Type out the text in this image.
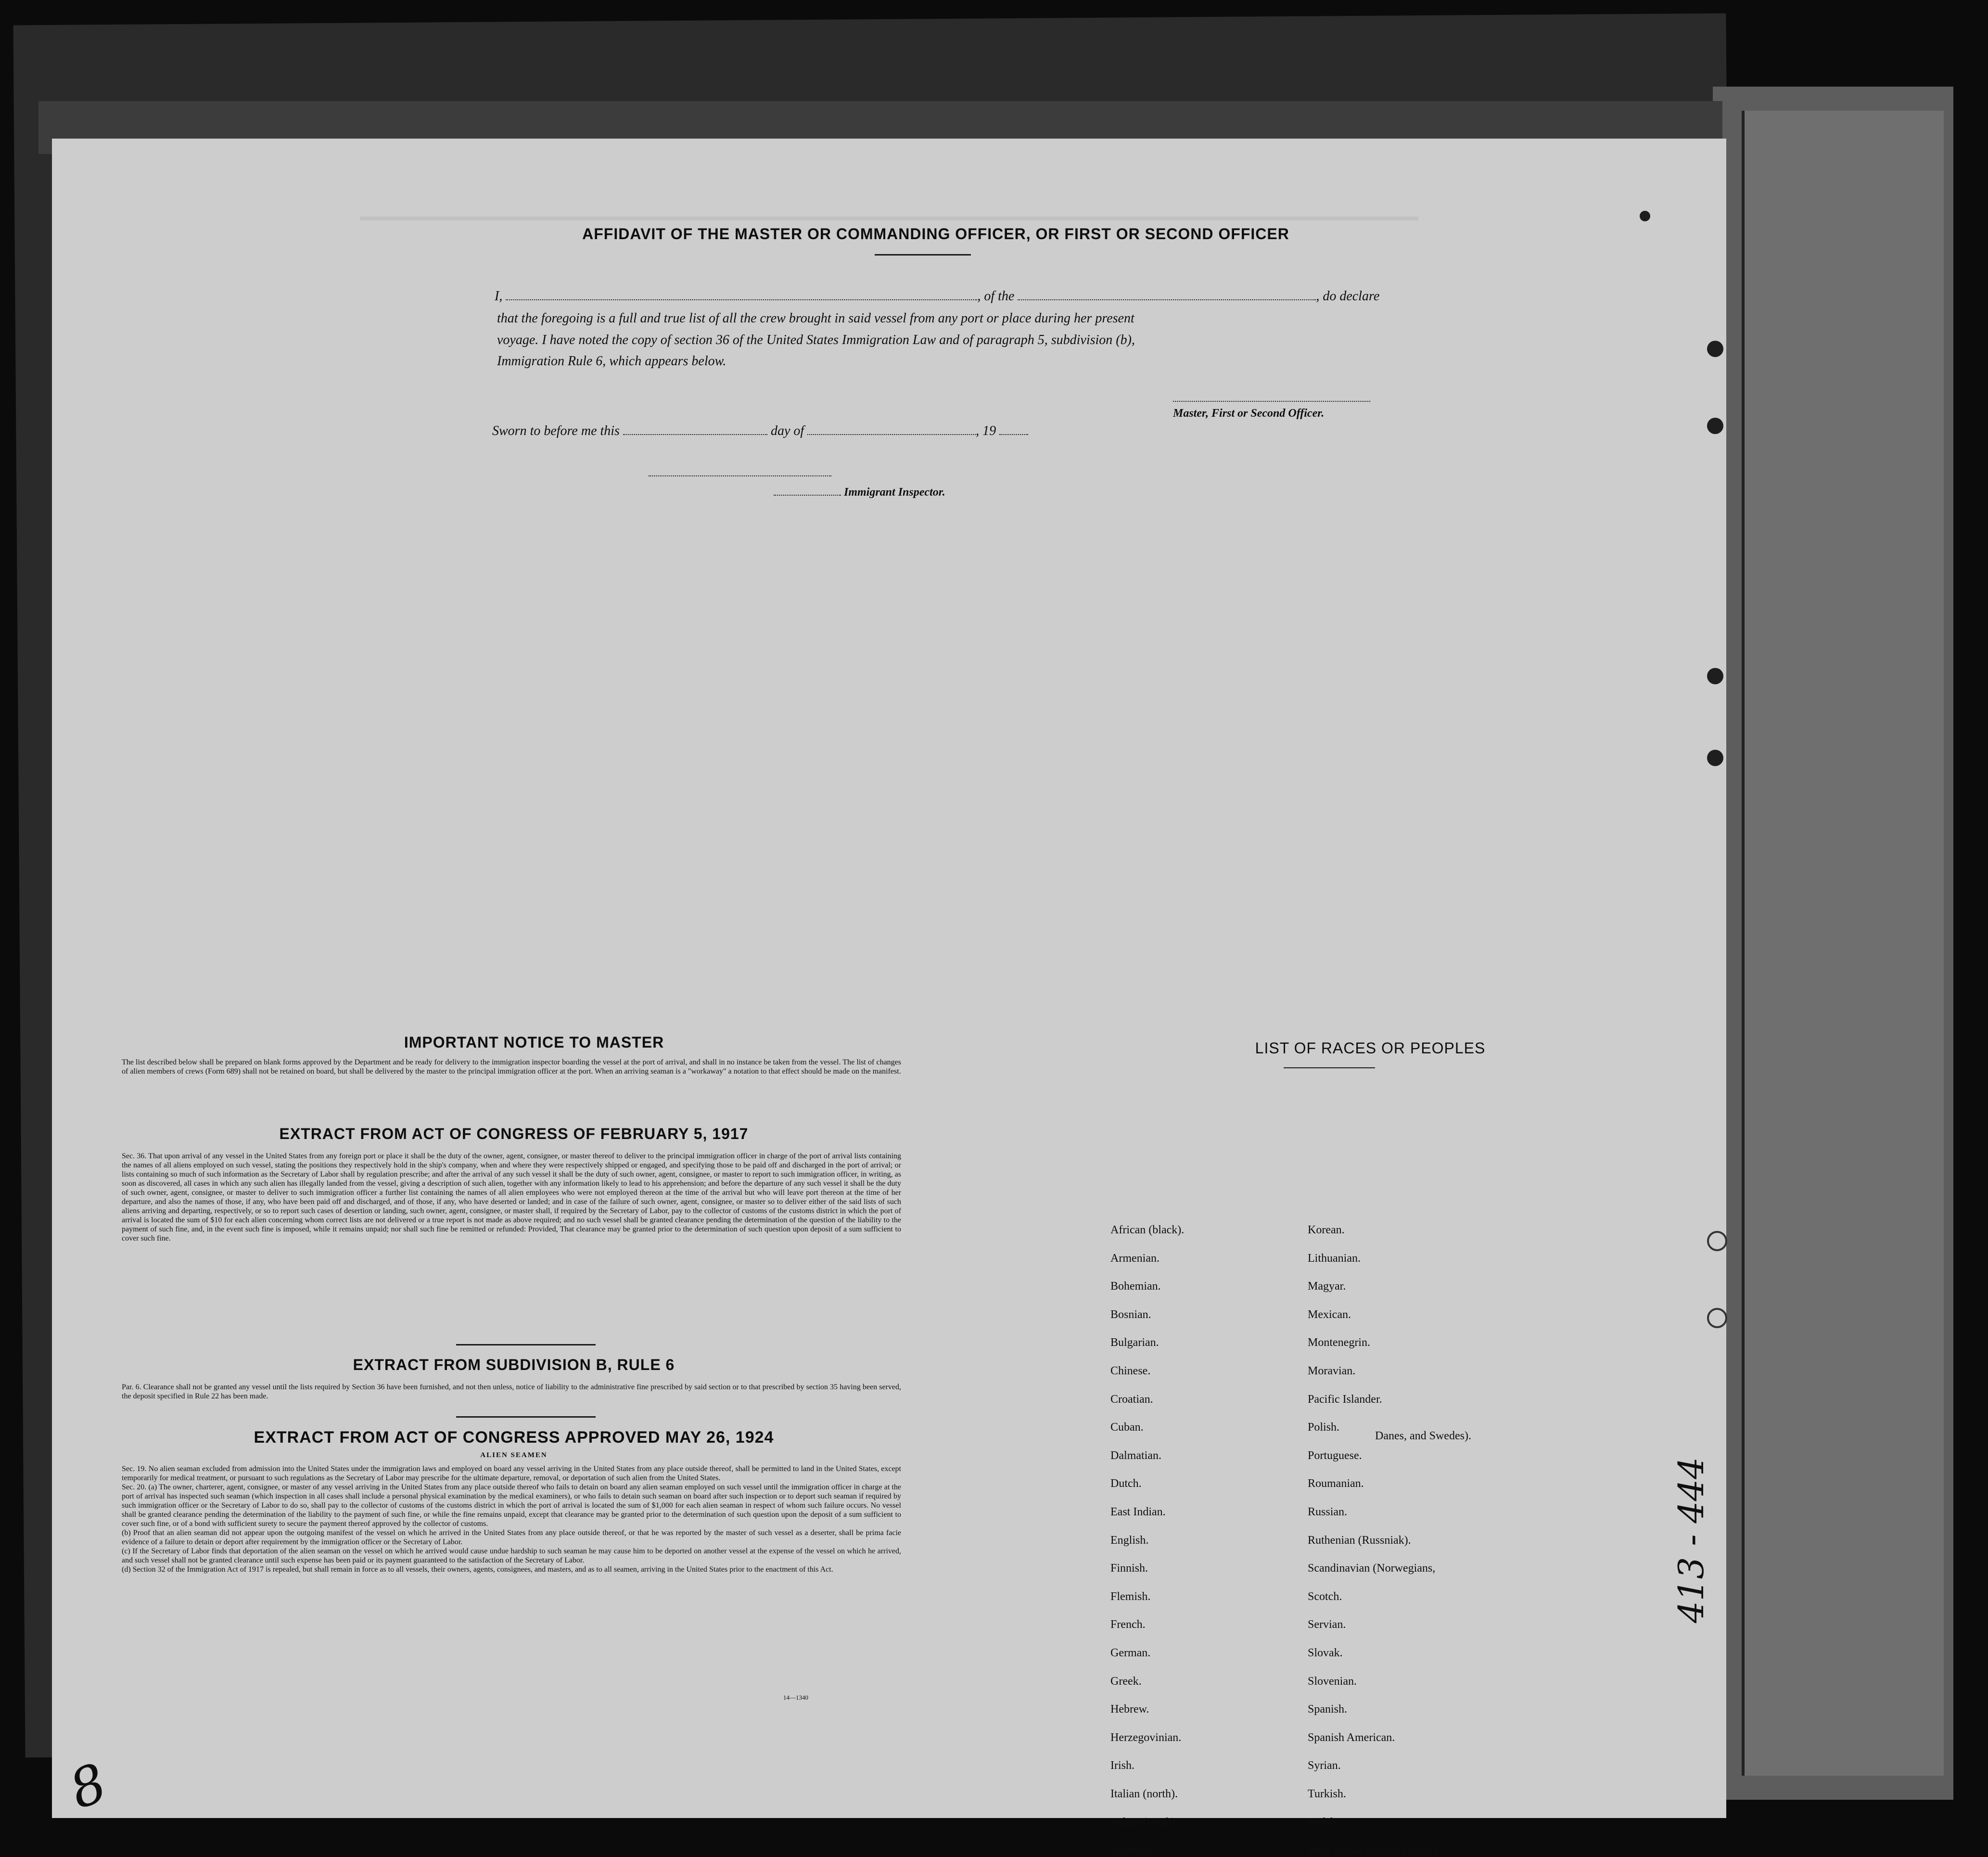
AFFIDAVIT OF THE MASTER OR COMMANDING OFFICER, OR FIRST OR SECOND OFFICER
I,	, of the	, do declare
that the foregoing is a full and true list of all the crew brought in said vessel from any port or place during her present
voyage. I have noted the copy of section 36 of the United States Immigration Law and of paragraph 5, subdivision (b),
Immigration Rule 6, which appears below.
Master, First or Second Officer.
Sworn to before me this	day of	, 19
Immigrant Inspector.
IMPORTANT NOTICE TO MASTER
The list described below shall be prepared on blank forms approved by the Department and be ready for delivery to the immigration inspector boarding the vessel at the port of arrival, and shall in no instance be taken from the vessel. The list of changes of alien members of crews (Form 689) shall not be retained on board, but shall be delivered by the master to the principal immigration officer at the port. When an arriving seaman is a "workaway" a notation to that effect should be made on the manifest.
EXTRACT FROM ACT OF CONGRESS OF FEBRUARY 5, 1917
Sec. 36. That upon arrival of any vessel in the United States from any foreign port or place it shall be the duty of the owner, agent, consignee, or master thereof to deliver to the principal immigration officer in charge of the port of arrival lists containing the names of all aliens employed on such vessel, stating the positions they respectively hold in the ship's company, when and where they were respectively shipped or engaged, and specifying those to be paid off and discharged in the port of arrival; or lists containing so much of such information as the Secretary of Labor shall by regulation prescribe; and after the arrival of any such vessel it shall be the duty of such owner, agent, consignee, or master to report to such immigration officer, in writing, as soon as discovered, all cases in which any such alien has illegally landed from the vessel, giving a description of such alien, together with any information likely to lead to his apprehension; and before the departure of any such vessel it shall be the duty of such owner, agent, consignee, or master to deliver to such immigration officer a further list containing the names of all alien employees who were not employed thereon at the time of the arrival but who will leave port thereon at the time of her departure, and also the names of those, if any, who have been paid off and discharged, and of those, if any, who have deserted or landed; and in case of the failure of such owner, agent, consignee, or master so to deliver either of the said lists of such aliens arriving and departing, respectively, or so to report such cases of desertion or landing, such owner, agent, consignee, or master shall, if required by the Secretary of Labor, pay to the collector of customs of the customs district in which the port of arrival is located the sum of $10 for each alien concerning whom correct lists are not delivered or a true report is not made as above required; and no such vessel shall be granted clearance pending the determination of the question of the liability to the payment of such fine, and, in the event such fine is imposed, while it remains unpaid; nor shall such fine be remitted or refunded: Provided, That clearance may be granted prior to the determination of such question upon deposit of a sum sufficient to cover such fine.
EXTRACT FROM SUBDIVISION B, RULE 6
Par. 6. Clearance shall not be granted any vessel until the lists required by Section 36 have been furnished, and not then unless, notice of liability to the administrative fine prescribed by said section or to that prescribed by section 35 having been served, the deposit specified in Rule 22 has been made.
EXTRACT FROM ACT OF CONGRESS APPROVED MAY 26, 1924
ALIEN SEAMEN
Sec. 19. No alien seaman excluded from admission into the United States under the immigration laws and employed on board any vessel arriving in the United States from any place outside thereof, shall be permitted to land in the United States, except temporarily for medical treatment, or pursuant to such regulations as the Secretary of Labor may prescribe for the ultimate departure, removal, or deportation of such alien from the United States.
Sec. 20. (a) The owner, charterer, agent, consignee, or master of any vessel arriving in the United States from any place outside thereof who fails to detain on board any alien seaman employed on such vessel until the immigration officer in charge at the port of arrival has inspected such seaman (which inspection in all cases shall include a personal physical examination by the medical examiners), or who fails to detain such seaman on board after such inspection or to deport such seaman if required by such immigration officer or the Secretary of Labor to do so, shall pay to the collector of customs of the customs district in which the port of arrival is located the sum of $1,000 for each alien seaman in respect of whom such failure occurs. No vessel shall be granted clearance pending the determination of the liability to the payment of such fine, or while the fine remains unpaid, except that clearance may be granted prior to the determination of such question upon the deposit of a sum sufficient to cover such fine, or of a bond with sufficient surety to secure the payment thereof approved by the collector of customs.
(b) Proof that an alien seaman did not appear upon the outgoing manifest of the vessel on which he arrived in the United States from any place outside thereof, or that he was reported by the master of such vessel as a deserter, shall be prima facie evidence of a failure to detain or deport after requirement by the immigration officer or the Secretary of Labor.
(c) If the Secretary of Labor finds that deportation of the alien seaman on the vessel on which he arrived would cause undue hardship to such seaman he may cause him to be deported on another vessel at the expense of the vessel on which he arrived, and such vessel shall not be granted clearance until such expense has been paid or its payment guaranteed to the satisfaction of the Secretary of Labor.
(d) Section 32 of the Immigration Act of 1917 is repealed, but shall remain in force as to all vessels, their owners, agents, consignees, and masters, and as to all seamen, arriving in the United States prior to the enactment of this Act.
14—1340
LIST OF RACES OR PEOPLES
African (black).
Armenian.
Bohemian.
Bosnian.
Bulgarian.
Chinese.
Croatian.
Cuban.
Dalmatian.
Dutch.
East Indian.
English.
Finnish.
Flemish.
French.
German.
Greek.
Hebrew.
Herzegovinian.
Irish.
Italian (north).
Italian (south).
Japanese.
Korean.
Lithuanian.
Magyar.
Mexican.
Montenegrin.
Moravian.
Pacific Islander.
Polish.
Portuguese.
Roumanian.
Russian.
Ruthenian (Russniak).
Scandinavian (Norwegians,
Scotch.
Servian.
Slovak.
Slovenian.
Spanish.
Spanish American.
Syrian.
Turkish.
Welsh.
West Indian (except Cuban).
Danes, and Swedes).
413 - 444
8
